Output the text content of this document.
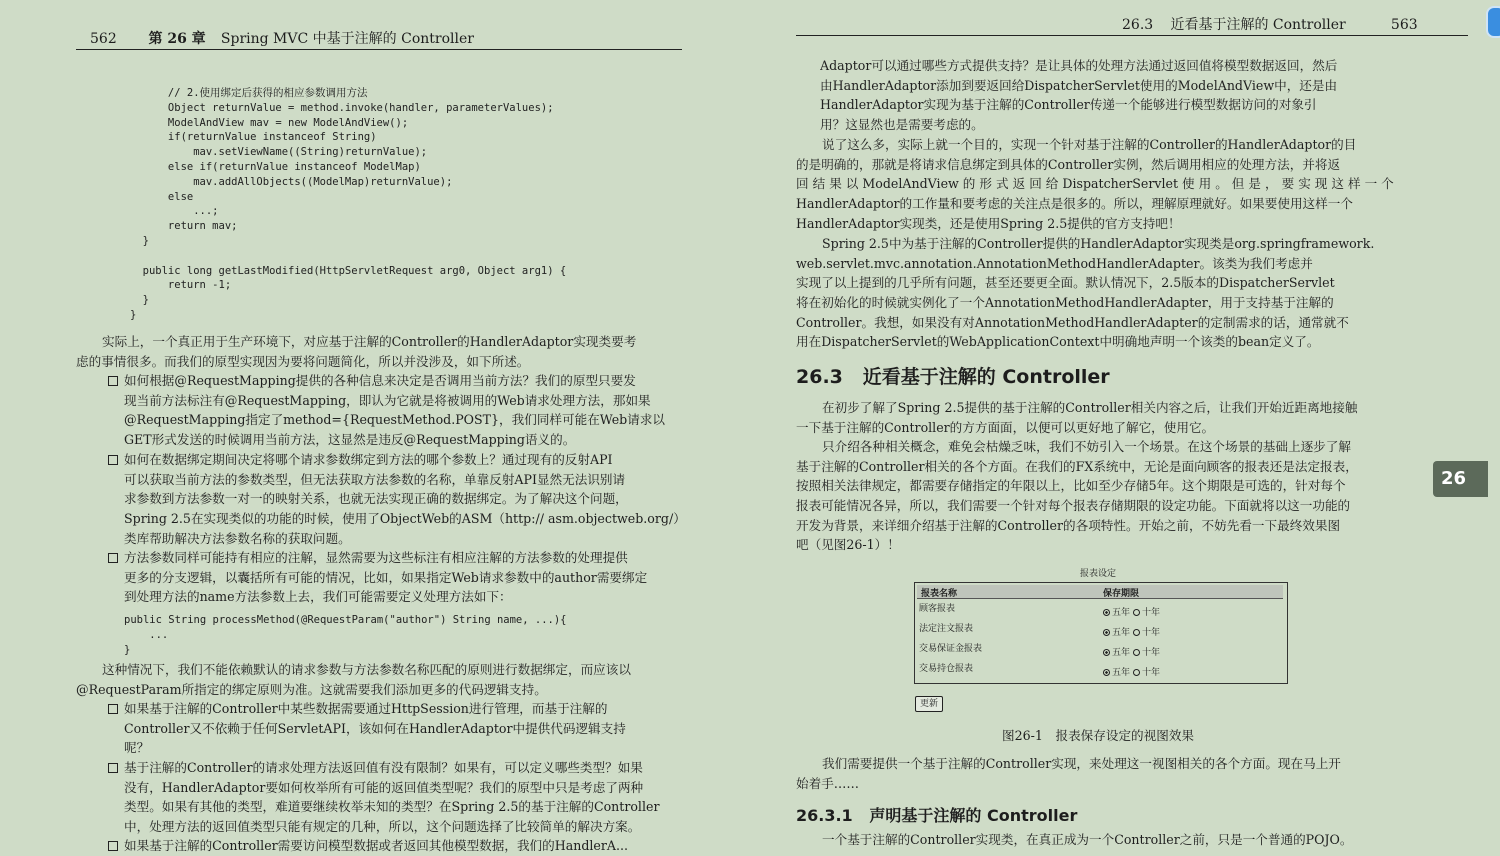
562 第 26 章 Spring MVC 中基于注解的 Controller
// 2.使用绑定后获得的相应参数调用方法
Object returnValue = method.invoke(handler, parameterValues);
ModelAndView mav = new ModelAndView();
if(returnValue instanceof String)
mav.setViewName((String)returnValue);
else if(returnValue instanceof ModelMap)
mav.addAllObjects((ModelMap)returnValue);
else
...;
return mav;
}
public long getLastModified(HttpServletRequest arg0, Object arg1) {
return -1;
}
}
实际上，一个真正用于生产环境下，对应基于注解的Controller的HandlerAdaptor实现类要考
虑的事情很多。而我们的原型实现因为要将问题简化，所以并没涉及，如下所述。
如何根据@RequestMapping提供的各种信息来决定是否调用当前方法？我们的原型只要发
现当前方法标注有@RequestMapping，即认为它就是将被调用的Web请求处理方法，那如果
@RequestMapping指定了method={RequestMethod.POST}，我们同样可能在Web请求以
GET形式发送的时候调用当前方法，这显然是违反@RequestMapping语义的。
如何在数据绑定期间决定将哪个请求参数绑定到方法的哪个参数上？通过现有的反射API
可以获取当前方法的参数类型，但无法获取方法参数的名称，单靠反射API显然无法识别请
求参数到方法参数一对一的映射关系，也就无法实现正确的数据绑定。为了解决这个问题，
Spring 2.5在实现类似的功能的时候，使用了ObjectWeb的ASM（http:// asm.objectweb.org/）
类库帮助解决方法参数名称的获取问题。
方法参数同样可能持有相应的注解，显然需要为这些标注有相应注解的方法参数的处理提供
更多的分支逻辑，以囊括所有可能的情况，比如，如果指定Web请求参数中的author需要绑定
到处理方法的name方法参数上去，我们可能需要定义处理方法如下：
public String processMethod(@RequestParam("author") String name, ...){
...
}
这种情况下，我们不能依赖默认的请求参数与方法参数名称匹配的原则进行数据绑定，而应该以
@RequestParam所指定的绑定原则为准。这就需要我们添加更多的代码逻辑支持。
如果基于注解的Controller中某些数据需要通过HttpSession进行管理，而基于注解的
Controller又不依赖于任何ServletAPI，该如何在HandlerAdaptor中提供代码逻辑支持
呢？
基于注解的Controller的请求处理方法返回值有没有限制？如果有，可以定义哪些类型？如果
没有，HandlerAdaptor要如何枚举所有可能的返回值类型呢？我们的原型中只是考虑了两种
类型。如果有其他的类型，难道要继续枚举未知的类型？在Spring 2.5的基于注解的Controller
中，处理方法的返回值类型只能有规定的几种，所以，这个问题选择了比较简单的解决方案。
如果基于注解的Controller需要访问模型数据或者返回其他模型数据，我们的HandlerA...
26.3 近看基于注解的 Controller	563
Adaptor可以通过哪些方式提供支持？是让具体的处理方法通过返回值将模型数据返回，然后
由HandlerAdaptor添加到要返回给DispatcherServlet使用的ModelAndView中，还是由
HandlerAdaptor实现为基于注解的Controller传递一个能够进行模型数据访问的对象引
用？这显然也是需要考虑的。
说了这么多，实际上就一个目的，实现一个针对基于注解的Controller的HandlerAdaptor的目
的是明确的，那就是将请求信息绑定到具体的Controller实例，然后调用相应的处理方法，并将返
回 结 果 以 ModelAndView 的 形 式 返 回 给 DispatcherServlet 使 用 。 但 是 ， 要 实 现 这 样 一 个
HandlerAdaptor的工作量和要考虑的关注点是很多的。所以，理解原理就好。如果要使用这样一个
HandlerAdaptor实现类，还是使用Spring 2.5提供的官方支持吧！
Spring 2.5中为基于注解的Controller提供的HandlerAdaptor实现类是org.springframework.
web.servlet.mvc.annotation.AnnotationMethodHandlerAdapter。该类为我们考虑并
实现了以上提到的几乎所有问题，甚至还要更全面。默认情况下，2.5版本的DispatcherServlet
将在初始化的时候就实例化了一个AnnotationMethodHandlerAdapter，用于支持基于注解的
Controller。我想，如果没有对AnnotationMethodHandlerAdapter的定制需求的话，通常就不
用在DispatcherServlet的WebApplicationContext中明确地声明一个该类的bean定义了。
26.3 近看基于注解的 Controller
在初步了解了Spring 2.5提供的基于注解的Controller相关内容之后，让我们开始近距离地接触
一下基于注解的Controller的方方面面，以便可以更好地了解它，使用它。
只介绍各种相关概念，难免会枯燥乏味，我们不妨引入一个场景。在这个场景的基础上逐步了解
基于注解的Controller相关的各个方面。在我们的FX系统中，无论是面向顾客的报表还是法定报表，
按照相关法律规定，都需要存储指定的年限以上，比如至少存储5年。这个期限是可选的，针对每个
报表可能情况各异，所以，我们需要一个针对每个报表存储期限的设定功能。下面就将以这一功能的
开发为背景，来详细介绍基于注解的Controller的各项特性。开始之前，不妨先看一下最终效果图
吧（见图26-1）！
26
报表设定
报表名称	保存期限
顾客报表	五年 十年
法定注文报表	五年 十年
交易保证金报表	五年 十年
交易持仓报表	五年 十年
更新
图26-1　报表保存设定的视图效果
我们需要提供一个基于注解的Controller实现，来处理这一视图相关的各个方面。现在马上开
始着手……
26.3.1 声明基于注解的 Controller
一个基于注解的Controller实现类，在真正成为一个Controller之前，只是一个普通的POJO。
